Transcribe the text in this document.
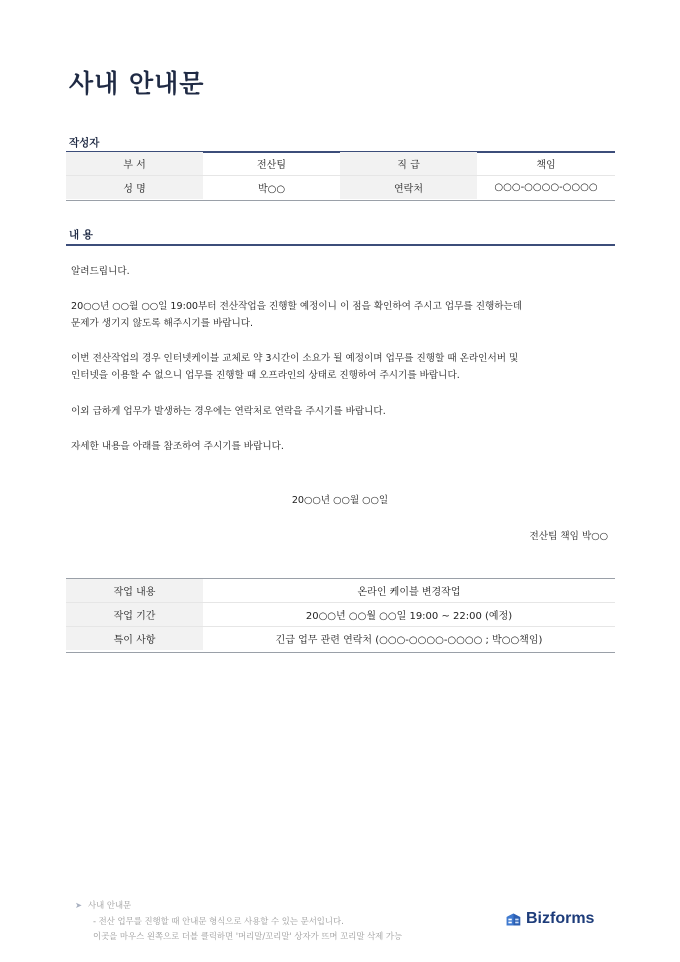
사내 안내문
작성자
부 서	전산팀	직 급	책임
성 명	박○○	연락처	○○○-○○○○-○○○○
내 용

알려드립니다.

20○○년 ○○월 ○○일 19:00부터 전산작업을 진행할 예정이니 이 점을 확인하여 주시고 업무를 진행하는데

문제가 생기지 않도록 해주시기를 바랍니다.

이번 전산작업의 경우 인터넷케이블 교체로 약 3시간이 소요가 될 예정이며 업무를 진행할 때 온라인서버 및

인터넷을 이용할 수 없으니 업무를 진행할 때 오프라인의 상태로 진행하여 주시기를 바랍니다.

이외 급하게 업무가 발생하는 경우에는 연락처로 연락을 주시기를 바랍니다.

자세한 내용을 아래를 참조하여 주시기를 바랍니다.

20○○년 ○○월 ○○일
전산팀 책임 박○○
작업 내용	온라인 케이블 변경작업
작업 기간	20○○년 ○○월 ○○일 19:00 ~ 22:00 (예정)
특이 사항	긴급 업무 관련 연락처 (○○○-○○○○-○○○○ ; 박○○책임)
➤ 사내 안내문
- 전산 업무를 진행할 때 안내문 형식으로 사용할 수 있는 문서입니다.
이곳을 마우스 왼쪽으로 더블 클릭하면 '머리말/꼬리말' 상자가 뜨며 꼬리말 삭제 가능
Bizforms
